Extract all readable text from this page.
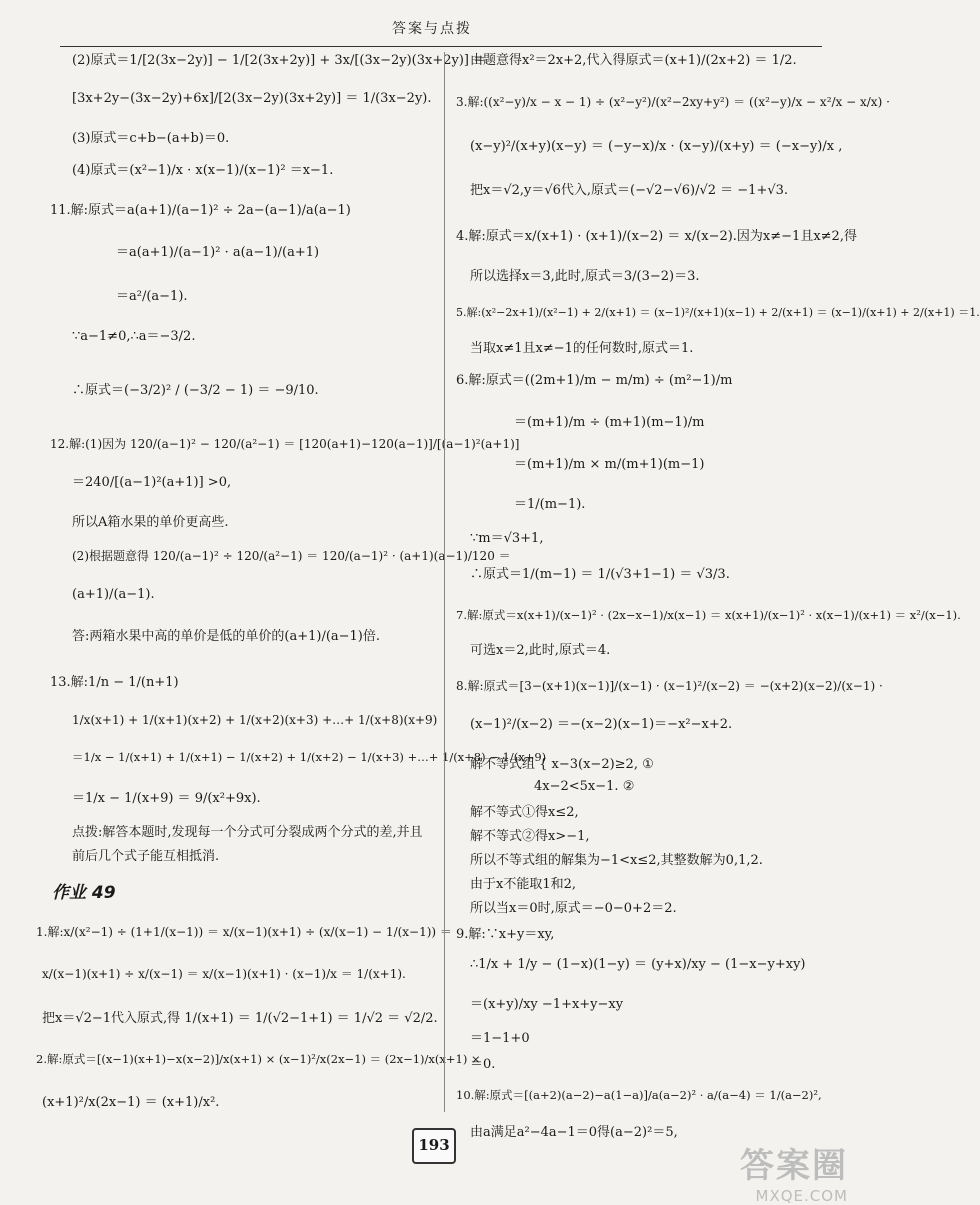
答案与点拨
(2)原式＝1/[2(3x−2y)] − 1/[2(3x+2y)] + 3x/[(3x−2y)(3x+2y)] ＝
[3x+2y−(3x−2y)+6x]/[2(3x−2y)(3x+2y)] ＝ 1/(3x−2y).
(3)原式＝c+b−(a+b)＝0.
(4)原式＝(x²−1)/x · x(x−1)/(x−1)² ＝x−1.
11.解:原式＝a(a+1)/(a−1)² ÷ 2a−(a−1)/a(a−1)
＝a(a+1)/(a−1)² · a(a−1)/(a+1)
＝a²/(a−1).
∵a−1≠0,∴a＝−3/2.
∴原式＝(−3/2)² / (−3/2 − 1) ＝ −9/10.
12.解:(1)因为 120/(a−1)² − 120/(a²−1) ＝ [120(a+1)−120(a−1)]/[(a−1)²(a+1)]
＝240/[(a−1)²(a+1)] >0,
所以A箱水果的单价更高些.
(2)根据题意得 120/(a−1)² ÷ 120/(a²−1) ＝ 120/(a−1)² · (a+1)(a−1)/120 ＝
(a+1)/(a−1).
答:两箱水果中高的单价是低的单价的(a+1)/(a−1)倍.
13.解:1/n − 1/(n+1)
1/x(x+1) + 1/(x+1)(x+2) + 1/(x+2)(x+3) +…+ 1/(x+8)(x+9)
＝1/x − 1/(x+1) + 1/(x+1) − 1/(x+2) + 1/(x+2) − 1/(x+3) +…+ 1/(x+8) − 1/(x+9)
＝1/x − 1/(x+9) ＝ 9/(x²+9x).
点拨:解答本题时,发现每一个分式可分裂成两个分式的差,并且
前后几个式子能互相抵消.
作业 49
1.解:x/(x²−1) ÷ (1+1/(x−1)) ＝ x/(x−1)(x+1) ÷ (x/(x−1) − 1/(x−1)) ＝
x/(x−1)(x+1) ÷ x/(x−1) ＝ x/(x−1)(x+1) · (x−1)/x ＝ 1/(x+1).
把x＝√2−1代入原式,得 1/(x+1) ＝ 1/(√2−1+1) ＝ 1/√2 ＝ √2/2.
2.解:原式＝[(x−1)(x+1)−x(x−2)]/x(x+1) × (x−1)²/x(2x−1) ＝ (2x−1)/x(x+1) ×
(x+1)²/x(2x−1) ＝ (x+1)/x².
由题意得x²＝2x+2,代入得原式＝(x+1)/(2x+2) ＝ 1/2.
3.解:((x²−y)/x − x − 1) ÷ (x²−y²)/(x²−2xy+y²) ＝ ((x²−y)/x − x²/x − x/x) ·
(x−y)²/(x+y)(x−y) ＝ (−y−x)/x · (x−y)/(x+y) ＝ (−x−y)/x ,
把x＝√2,y＝√6代入,原式＝(−√2−√6)/√2 ＝ −1+√3.
4.解:原式＝x/(x+1) · (x+1)/(x−2) ＝ x/(x−2).因为x≠−1且x≠2,得
所以选择x＝3,此时,原式＝3/(3−2)＝3.
5.解:(x²−2x+1)/(x²−1) + 2/(x+1) ＝ (x−1)²/(x+1)(x−1) + 2/(x+1) ＝ (x−1)/(x+1) + 2/(x+1) ＝1.
当取x≠1且x≠−1的任何数时,原式＝1.
6.解:原式＝((2m+1)/m − m/m) ÷ (m²−1)/m
＝(m+1)/m ÷ (m+1)(m−1)/m
＝(m+1)/m × m/(m+1)(m−1)
＝1/(m−1).
∵m＝√3+1,
∴原式＝1/(m−1) ＝ 1/(√3+1−1) ＝ √3/3.
7.解:原式＝x(x+1)/(x−1)² · (2x−x−1)/x(x−1) ＝ x(x+1)/(x−1)² · x(x−1)/(x+1) ＝ x²/(x−1).
可选x＝2,此时,原式＝4.
8.解:原式＝[3−(x+1)(x−1)]/(x−1) · (x−1)²/(x−2) ＝ −(x+2)(x−2)/(x−1) ·
(x−1)²/(x−2) ＝−(x−2)(x−1)＝−x²−x+2.
解不等式组 { x−3(x−2)≥2, ①
4x−2<5x−1. ②
解不等式①得x≤2,
解不等式②得x>−1,
所以不等式组的解集为−1<x≤2,其整数解为0,1,2.
由于x不能取1和2,
所以当x＝0时,原式＝−0−0+2＝2.
9.解:∵x+y＝xy,
∴1/x + 1/y − (1−x)(1−y) ＝ (y+x)/xy − (1−x−y+xy)
＝(x+y)/xy −1+x+y−xy
＝1−1+0
＝0.
10.解:原式＝[(a+2)(a−2)−a(1−a)]/a(a−2)² · a/(a−4) ＝ 1/(a−2)²,
由a满足a²−4a−1＝0得(a−2)²＝5,
193
答案圈
MXQE.COM
